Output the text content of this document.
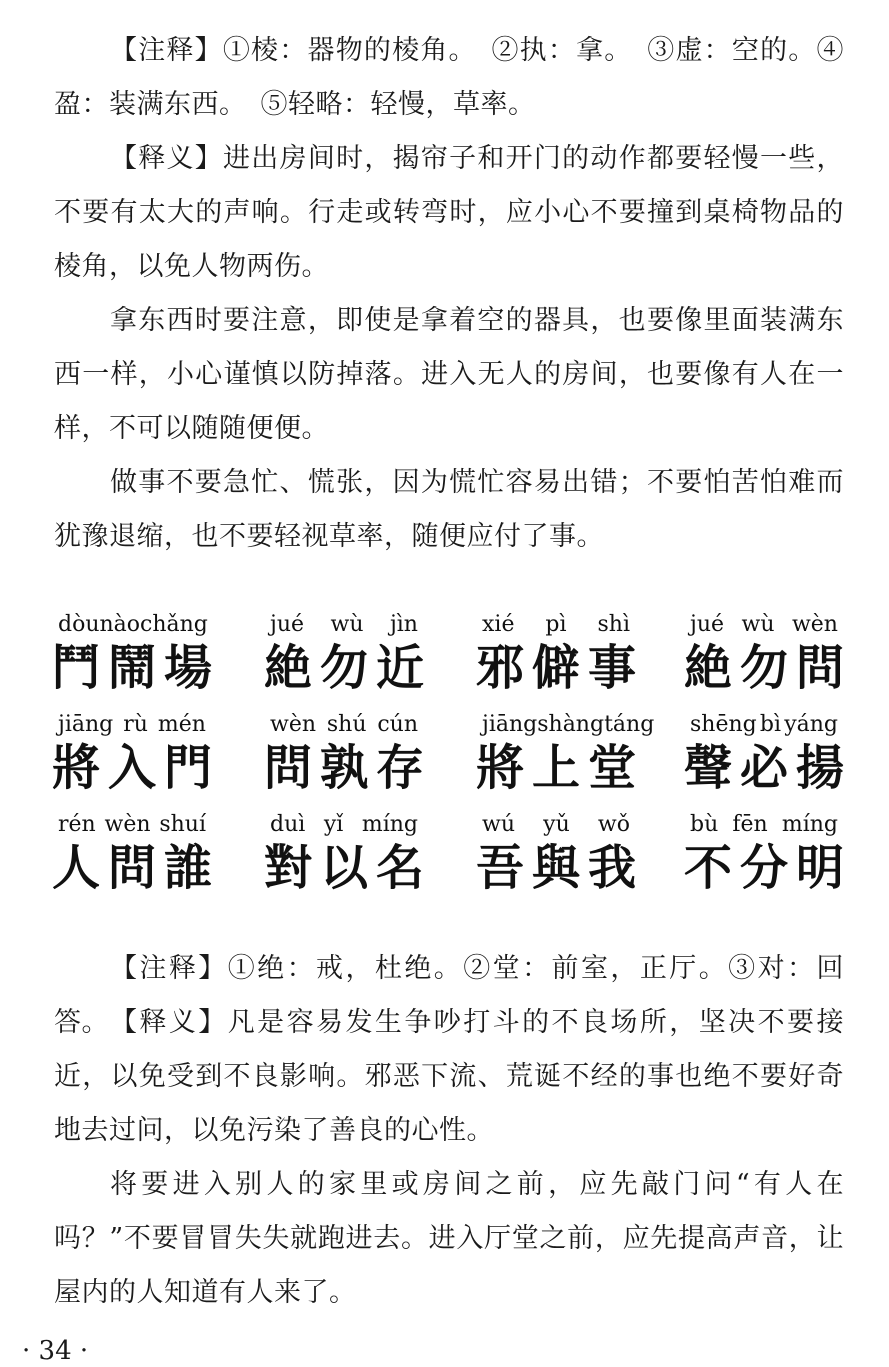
【注释】①棱：器物的棱角。　②执：拿。　③虚：空的。④盈：装满东西。　⑤轻略：轻慢，草率。

【释义】进出房间时，揭帘子和开门的动作都要轻慢一些，不要有太大的声响。行走或转弯时，应小心不要撞到桌椅物品的棱角，以免人物两伤。

拿东西时要注意，即使是拿着空的器具，也要像里面装满东西一样，小心谨慎以防掉落。进入无人的房间，也要像有人在一样，不可以随随便便。

做事不要急忙、慌张，因为慌忙容易出错；不要怕苦怕难而犹豫退缩，也不要轻视草率，随便应付了事。

dòu nào chǎng
鬥 鬧 場
jué wù jìn
絶 勿 近
xié pì shì
邪 僻 事
jué wù wèn
絶 勿 問
jiāng rù mén
將 入 門
wèn shú cún
問 孰 存
jiāng shàng táng
將 上 堂
shēng bì yáng
聲 必 揚
rén wèn shuí
人 問 誰
duì yǐ míng
對 以 名
wú yǔ wǒ
吾 與 我
bù fēn míng
不 分 明

【注释】①绝：戒，杜绝。②堂：前室，正厅。③对：回答。 【释义】凡是容易发生争吵打斗的不良场所，坚决不要接近，以免受到不良影响。邪恶下流、荒诞不经的事也绝不要好奇地去过问，以免污染了善良的心性。

将要进入别人的家里或房间之前，应先敲门问“有人在吗？”不要冒冒失失就跑进去。进入厅堂之前，应先提高声音，让屋内的人知道有人来了。

· 34 ·
